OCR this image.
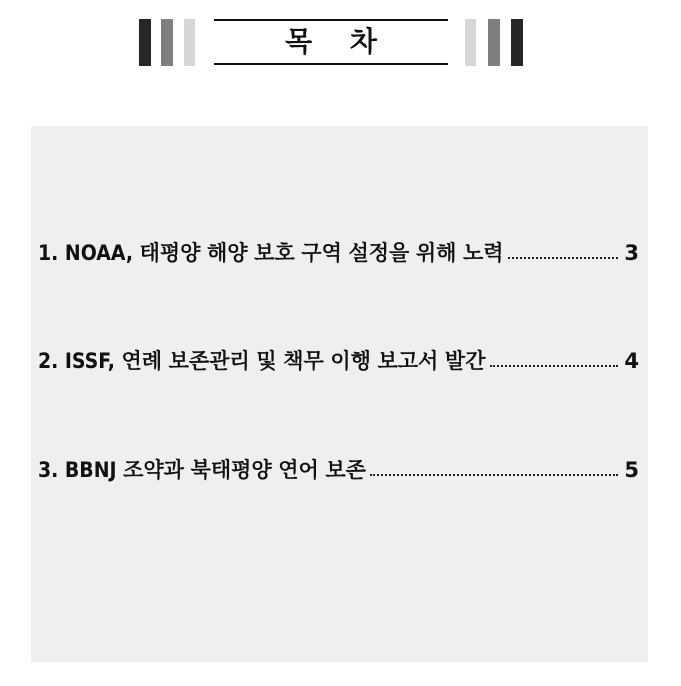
목 차
1. NOAA, 태평양 해양 보호 구역 설정을 위해 노력	3
2. ISSF, 연례 보존관리 및 책무 이행 보고서 발간	4
3. BBNJ 조약과 북태평양 연어 보존	5
